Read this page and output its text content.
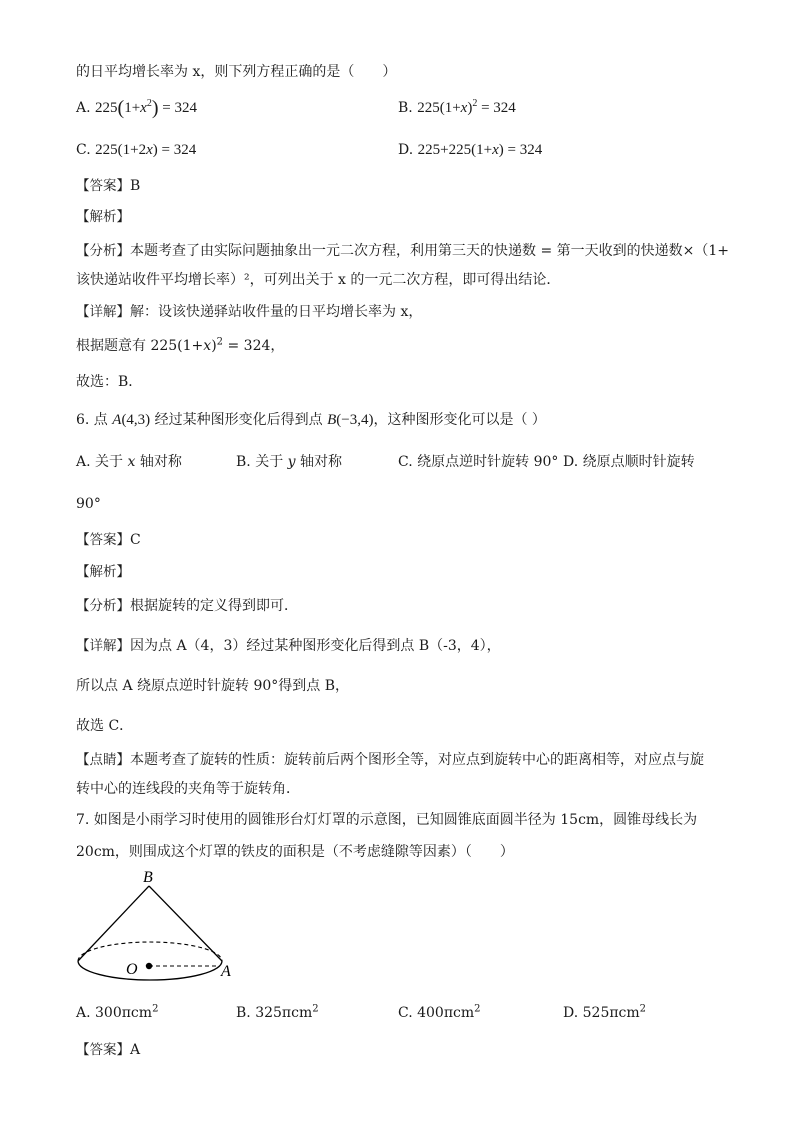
的日平均增长率为 x，则下列方程正确的是（　　）
A. $225(1+x^2) = 324$	B. $225(1+x)^2 = 324$
C. 225(1+2x) = 324	D. 225+225(1+x) = 324
【答案】B
【解析】
【分析】本题考查了由实际问题抽象出一元二次方程，利用第三天的快递数 = 第一天收到的快递数×（1+
该快递站收件平均增长率）²，可列出关于 x 的一元二次方程，即可得出结论．
【详解】解：设该快递驿站收件量的日平均增长率为 x，
根据题意有 $225(1+x)^2 = 324$，
故选：B．
6. 点 A(4,3) 经过某种图形变化后得到点 B(−3,4)，这种图形变化可以是（ ）
A. 关于 x 轴对称	B. 关于 y 轴对称	C. 绕原点逆时针旋转 90° D. 绕原点顺时针旋转
90°
【答案】C
【解析】
【分析】根据旋转的定义得到即可．
【详解】因为点 A（4，3）经过某种图形变化后得到点 B（-3，4），
所以点 A 绕原点逆时针旋转 90°得到点 B，
故选 C．
【点睛】本题考查了旋转的性质：旋转前后两个图形全等，对应点到旋转中心的距离相等，对应点与旋
转中心的连线段的夹角等于旋转角．
7. 如图是小雨学习时使用的圆锥形台灯灯罩的示意图，已知圆锥底面圆半径为 15cm，圆锥母线长为
20cm，则围成这个灯罩的铁皮的面积是（不考虑缝隙等因素）（　　）
B
O	A
A. 300πcm$^2$	B. 325πcm$^2$	C. 400πcm$^2$	D. 525πcm$^2$
【答案】A
